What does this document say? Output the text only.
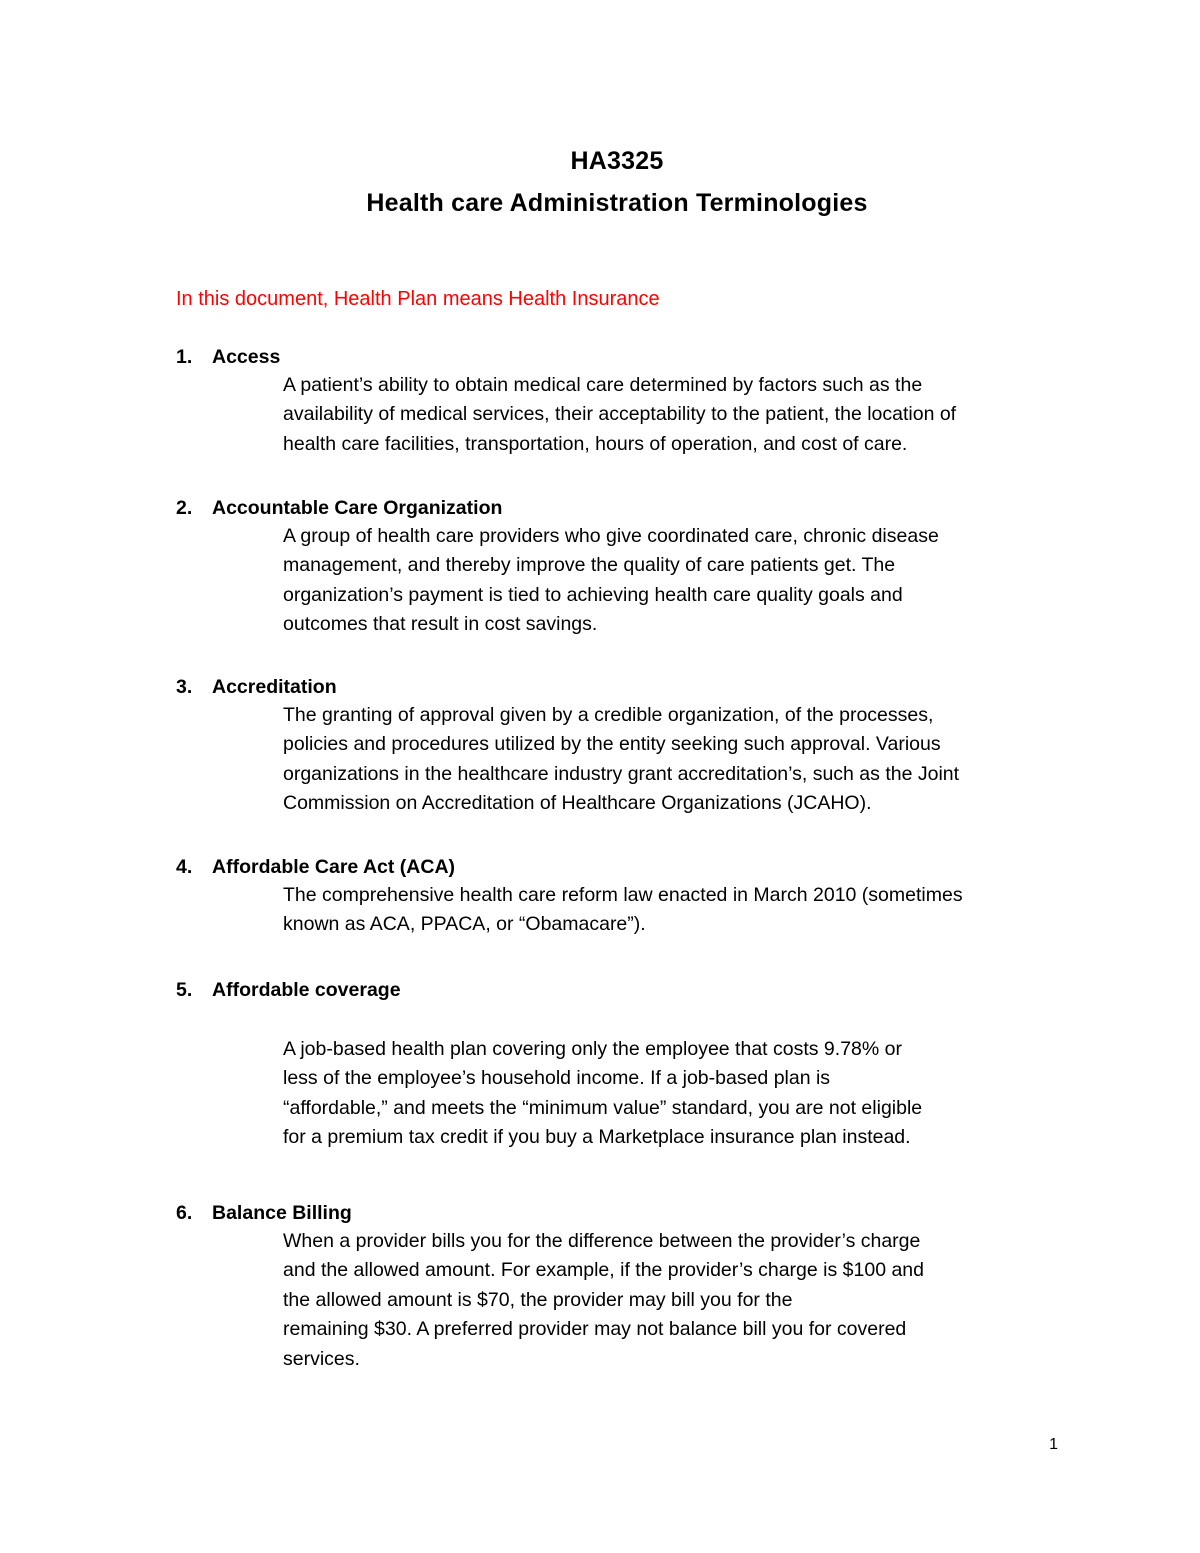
HA3325
Health care Administration Terminologies
In this document, Health Plan means Health Insurance
1. Access
A patient’s ability to obtain medical care determined by factors such as the
availability of medical services, their acceptability to the patient, the location of
health care facilities, transportation, hours of operation, and cost of care.
2. Accountable Care Organization
A group of health care providers who give coordinated care, chronic disease
management, and thereby improve the quality of care patients get. The
organization’s payment is tied to achieving health care quality goals and
outcomes that result in cost savings.
3. Accreditation
The granting of approval given by a credible organization, of the processes,
policies and procedures utilized by the entity seeking such approval. Various
organizations in the healthcare industry grant accreditation’s, such as the Joint
Commission on Accreditation of Healthcare Organizations (JCAHO).
4. Affordable Care Act (ACA)
The comprehensive health care reform law enacted in March 2010 (sometimes
known as ACA, PPACA, or “Obamacare”).
5. Affordable coverage
A job-based health plan covering only the employee that costs 9.78% or
less of the employee’s household income. If a job-based plan is
“affordable,” and meets the “minimum value” standard, you are not eligible
for a premium tax credit if you buy a Marketplace insurance plan instead.
6. Balance Billing
When a provider bills you for the difference between the provider’s charge
and the allowed amount. For example, if the provider’s charge is $100 and
the allowed amount is $70, the provider may bill you for the
remaining $30. A preferred provider may not balance bill you for covered
services.
1
